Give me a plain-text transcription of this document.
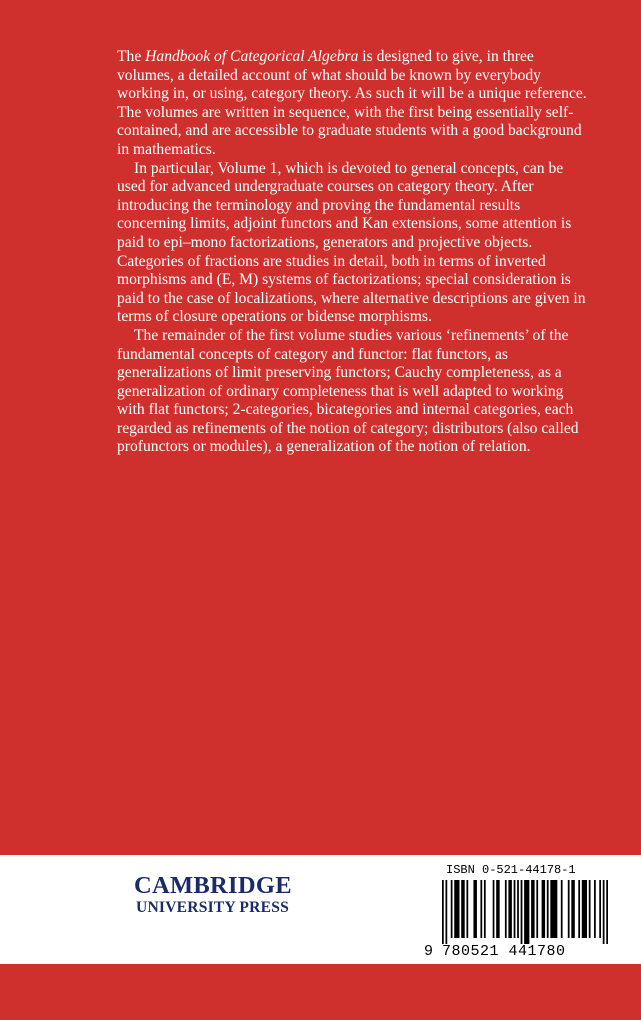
The Handbook of Categorical Algebra is designed to give, in three volumes, a detailed account of what should be known by everybody working in, or using, category theory. As such it will be a unique reference. The volumes are written in sequence, with the first being essentially self-contained, and are accessible to graduate students with a good background in mathematics.

In particular, Volume 1, which is devoted to general concepts, can be used for advanced undergraduate courses on category theory. After introducing the terminology and proving the fundamental results concerning limits, adjoint functors and Kan extensions, some attention is paid to epi–mono factorizations, generators and projective objects. Categories of fractions are studies in detail, both in terms of inverted morphisms and (E, M) systems of factorizations; special consideration is paid to the case of localizations, where alternative descriptions are given in terms of closure operations or bidense morphisms.

The remainder of the first volume studies various ‘refinements’ of the fundamental concepts of category and functor: flat functors, as generalizations of limit preserving functors; Cauchy completeness, as a generalization of ordinary completeness that is well adapted to working with flat functors; 2-categories, bicategories and internal categories, each regarded as refinements of the notion of category; distributors (also called profunctors or modules), a generalization of the notion of relation.

CAMBRIDGE
UNIVERSITY PRESS
ISBN 0-521-44178-1
9 780521 441780
